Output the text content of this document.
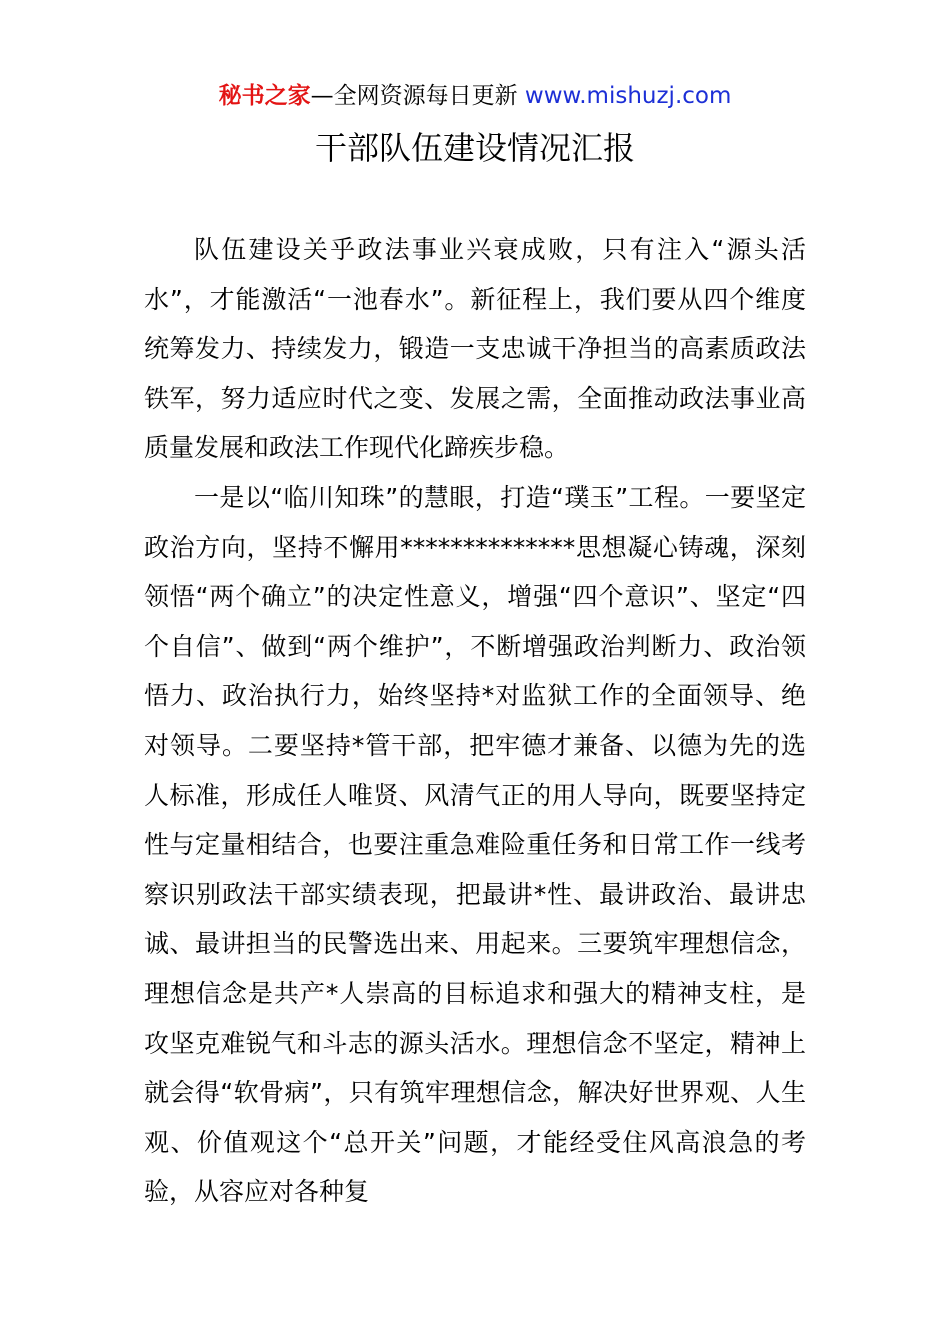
秘书之家—全网资源每日更新 www.mishuzj.com
干部队伍建设情况汇报

队伍建设关乎政法事业兴衰成败，只有注入“源头活水”，才能激活“一池春水”。新征程上，我们要从四个维度统筹发力、持续发力，锻造一支忠诚干净担当的高素质政法铁军，努力适应时代之变、发展之需，全面推动政法事业高质量发展和政法工作现代化蹄疾步稳。

一是以“临川知珠”的慧眼，打造“璞玉”工程。一要坚定政治方向，坚持不懈用**************思想凝心铸魂，深刻领悟“两个确立”的决定性意义，增强“四个意识”、坚定“四个自信”、做到“两个维护”，不断增强政治判断力、政治领悟力、政治执行力，始终坚持*对监狱工作的全面领导、绝对领导。二要坚持*管干部，把牢德才兼备、以德为先的选人标准，形成任人唯贤、风清气正的用人导向，既要坚持定性与定量相结合，也要注重急难险重任务和日常工作一线考察识别政法干部实绩表现，把最讲*性、最讲政治、最讲忠诚、最讲担当的民警选出来、用起来。三要筑牢理想信念，理想信念是共产*人崇高的目标追求和强大的精神支柱，是攻坚克难锐气和斗志的源头活水。理想信念不坚定，精神上就会得“软骨病”，只有筑牢理想信念，解决好世界观、人生观、价值观这个“总开关”问题，才能经受住风高浪急的考验，从容应对各种复
